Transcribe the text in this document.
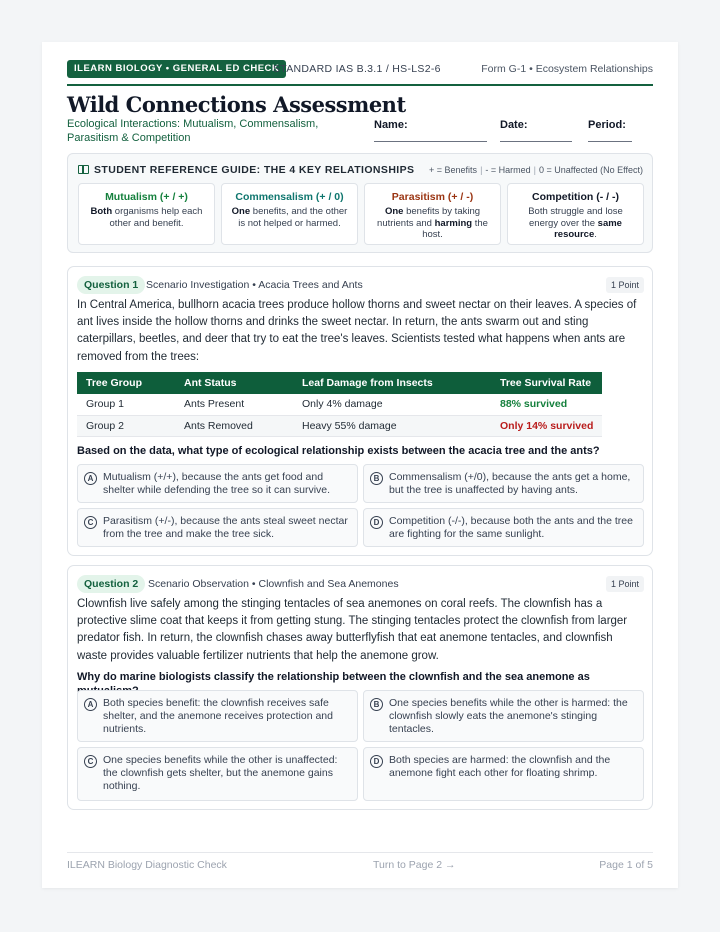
ILEARN BIOLOGY • GENERAL ED CHECK
STANDARD IAS B.3.1 / HS-LS2-6	Form G-1 • Ecosystem Relationships
Wild Connections Assessment
Ecological Interactions: Mutualism, Commensalism, Parasitism & Competition
Name:	Date:	Period:
STUDENT REFERENCE GUIDE: THE 4 KEY RELATIONSHIPS + = Benefits | - = Harmed | 0 = Unaffected (No Effect)
Mutualism (+ / +)
Both organisms help each other and benefit.
Commensalism (+ / 0)
One benefits, and the other is not helped or harmed.
Parasitism (+ / -)
One benefits by taking nutrients and harming the host.
Competition (- / -)
Both struggle and lose energy over the same resource.
Question 1 Scenario Investigation • Acacia Trees and Ants	1 Point
In Central America, bullhorn acacia trees produce hollow thorns and sweet nectar on their leaves. A species of ant lives inside the hollow thorns and drinks the sweet nectar. In return, the ants swarm out and sting caterpillars, beetles, and deer that try to eat the tree's leaves. Scientists tested what happens when ants are removed from the trees:
Tree Group	Ant Status	Leaf Damage from Insects	Tree Survival Rate
Group 1	Ants Present	Only 4% damage	88% survived
Group 2	Ants Removed	Heavy 55% damage	Only 14% survived
Based on the data, what type of ecological relationship exists between the acacia tree and the ants?
A Mutualism (+/+), because the ants get food and shelter while defending the tree so it can survive.
B Commensalism (+/0), because the ants get a home, but the tree is unaffected by having ants.
C Parasitism (+/-), because the ants steal sweet nectar from the tree and make the tree sick.
D Competition (-/-), because both the ants and the tree are fighting for the same sunlight.
Question 2 Scenario Observation • Clownfish and Sea Anemones	1 Point
Clownfish live safely among the stinging tentacles of sea anemones on coral reefs. The clownfish has a protective slime coat that keeps it from getting stung. The stinging tentacles protect the clownfish from larger predator fish. In return, the clownfish chases away butterflyfish that eat anemone tentacles, and clownfish waste provides valuable fertilizer nutrients that help the anemone grow.
Why do marine biologists classify the relationship between the clownfish and the sea anemone as
A Both species benefit: the clownfish receives safe shelter, and the anemone receives protection and nutrients.
B One species benefits while the other is harmed: the clownfish slowly eats the anemone's stinging tentacles.
C One species benefits while the other is unaffected: the clownfish gets shelter, but the anemone gains nothing.
D Both species are harmed: the clownfish and the anemone fight each other for floating shrimp.
ILEARN Biology Diagnostic Check	Turn to Page 2 →	Page 1 of 5
